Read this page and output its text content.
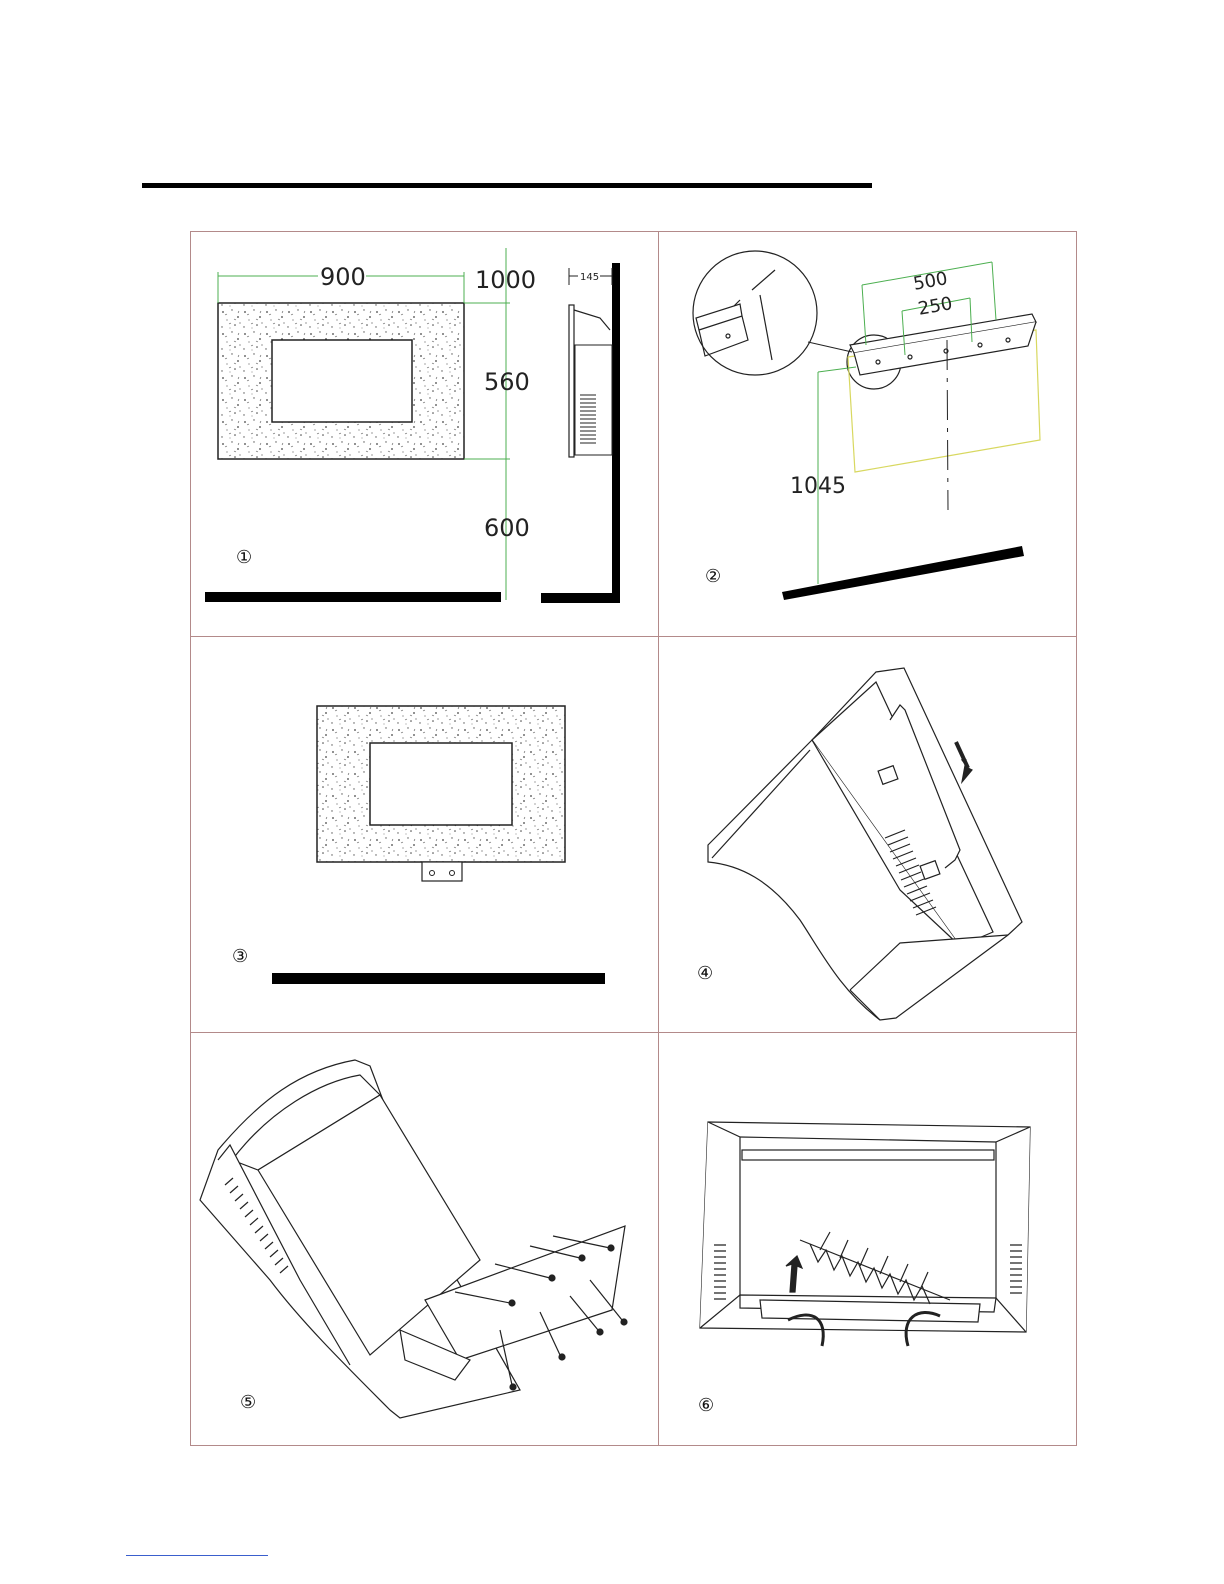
900	1000
560
600
145
①
500
250
1045
②
③
④
⑤	⑥
